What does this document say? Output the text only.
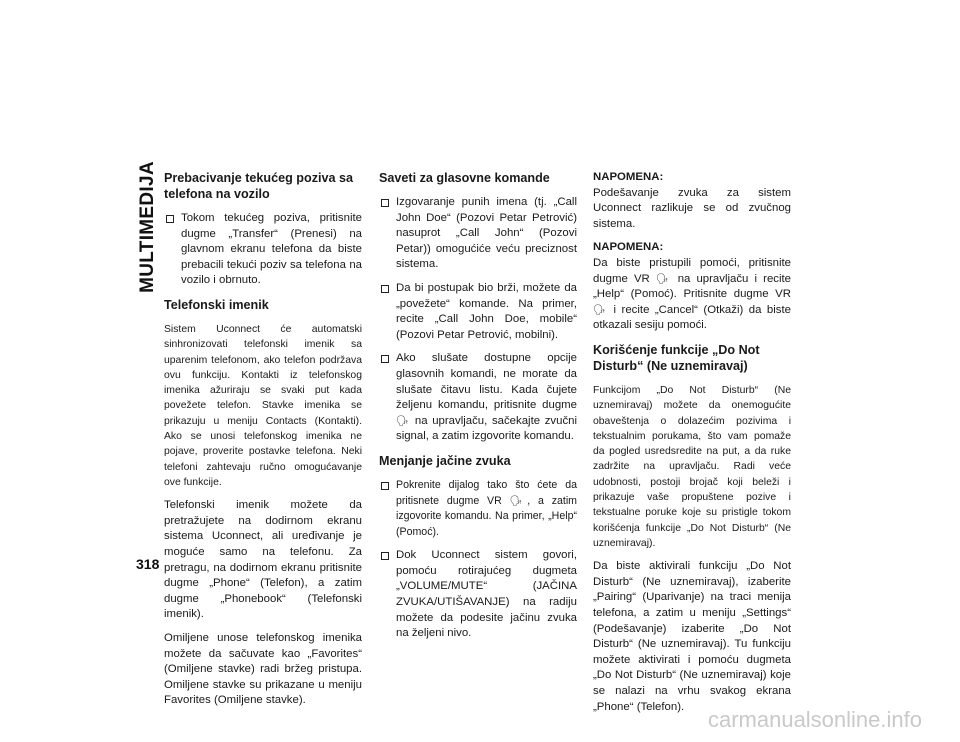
MULTIMEDIJA
318
Prebacivanje tekućeg poziva sa telefona na vozilo
Tokom tekućeg poziva, pritisnite dugme „Transfer“ (Prenesi) na glavnom ekranu telefona da biste prebacili tekući poziv sa telefona na vozilo i obrnuto.
Telefonski imenik

Sistem Uconnect će automatski sinhronizovati telefonski imenik sa uparenim telefonom, ako telefon podržava ovu funkciju. Kontakti iz telefonskog imenika ažuriraju se svaki put kada povežete telefon. Stavke imenika se prikazuju u meniju Contacts (Kontakti). Ako se unosi telefonskog imenika ne pojave, proverite postavke telefona. Neki telefoni zahtevaju ručno omogućavanje ove funkcije.

Telefonski imenik možete da pretražujete na dodirnom ekranu sistema Uconnect, ali uređivanje je moguće samo na telefonu. Za pretragu, na dodirnom ekranu pritisnite dugme „Phone“ (Telefon), a zatim dugme „Phonebook“ (Telefonski imenik).

Omiljene unose telefonskog imenika možete da sačuvate kao „Favorites“ (Omiljene stavke) radi bržeg pristupa. Omiljene stavke su prikazane u meniju Favorites (Omiljene stavke).

Saveti za glasovne komande
Izgovaranje punih imena (tj. „Call John Doe“ (Pozovi Petar Petrović) nasuprot „Call John“ (Pozovi Petar)) omogućiće veću preciznost sistema.
Da bi postupak bio brži, možete da „povežete“ komande. Na primer, recite „Call John Doe, mobile“ (Pozovi Petar Petrović, mobilni).
Ako slušate dostupne opcije glasovnih komandi, ne morate da slušate čitavu listu. Kada čujete željenu komandu, pritisnite dugme 🗣 na upravljaču, sačekajte zvučni signal, a zatim izgovorite komandu.
Menjanje jačine zvuka
Pokrenite dijalog tako što ćete da pritisnete dugme VR 🗣, a zatim izgovorite komandu. Na primer, „Help“ (Pomoć).
Dok Uconnect sistem govori, pomoću rotirajućeg dugmeta „VOLUME/MUTE“ (JAČINA ZVUKA/UTIŠAVANJE) na radiju možete da podesite jačinu zvuka na željeni nivo.

NAPOMENA:

Podešavanje zvuka za sistem Uconnect razlikuje se od zvučnog sistema.

NAPOMENA:

Da biste pristupili pomoći, pritisnite dugme VR 🗣 na upravljaču i recite „Help“ (Pomoć). Pritisnite dugme VR 🗣 i recite „Cancel“ (Otkaži) da biste otkazali sesiju pomoći.

Korišćenje funkcije „Do Not Disturb“ (Ne uznemiravaj)

Funkcijom „Do Not Disturb“ (Ne uznemiravaj) možete da onemogućite obaveštenja o dolazećim pozivima i tekstualnim porukama, što vam pomaže da pogled usredsredite na put, a da ruke zadržite na upravljaču. Radi veće udobnosti, postoji brojač koji beleži i prikazuje vaše propuštene pozive i tekstualne poruke koje su pristigle tokom korišćenja funkcije „Do Not Disturb“ (Ne uznemiravaj).

Da biste aktivirali funkciju „Do Not Disturb“ (Ne uznemiravaj), izaberite „Pairing“ (Uparivanje) na traci menija telefona, a zatim u meniju „Settings“ (Podešavanje) izaberite „Do Not Disturb“ (Ne uznemiravaj). Tu funkciju možete aktivirati i pomoću dugmeta „Do Not Disturb“ (Ne uznemiravaj) koje se nalazi na vrhu svakog ekrana „Phone“ (Telefon).

carmanualsonline.info
